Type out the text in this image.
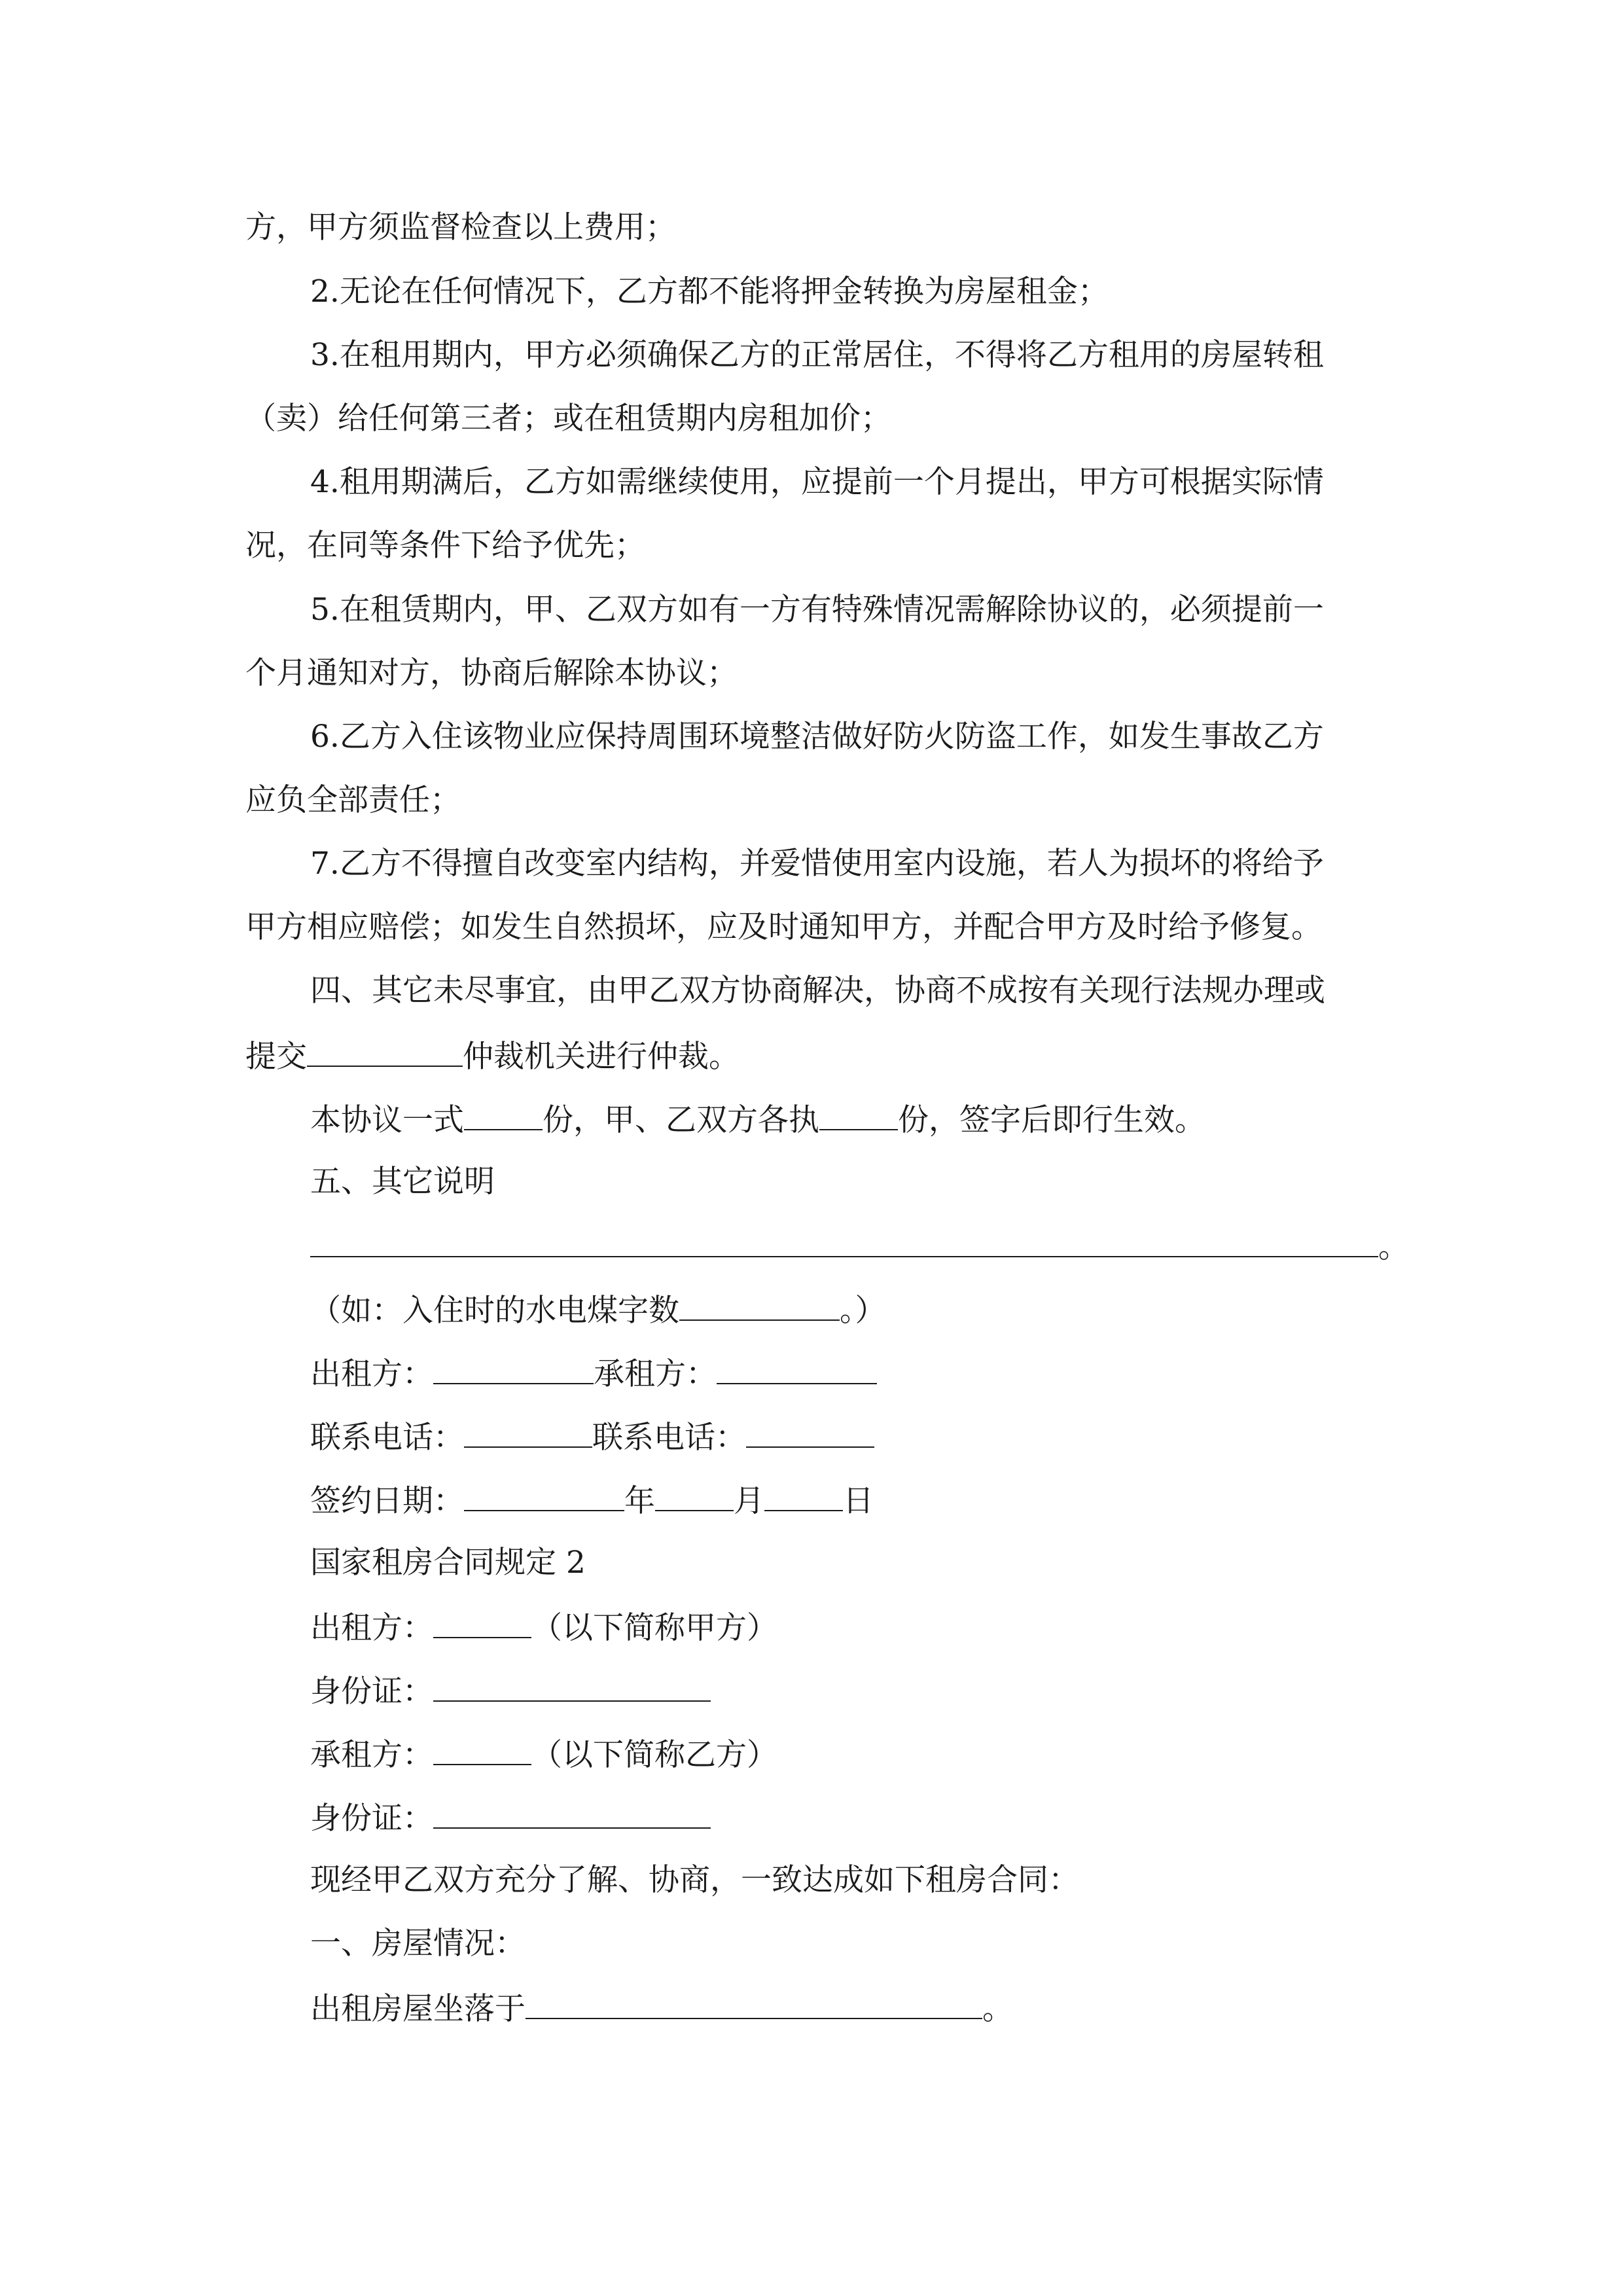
方，甲方须监督检查以上费用；
2.无论在任何情况下，乙方都不能将押金转换为房屋租金；
3.在租用期内，甲方必须确保乙方的正常居住，不得将乙方租用的房屋转租
（卖）给任何第三者；或在租赁期内房租加价；
4.租用期满后，乙方如需继续使用，应提前一个月提出，甲方可根据实际情
况，在同等条件下给予优先；
5.在租赁期内，甲、乙双方如有一方有特殊情况需解除协议的，必须提前一
个月通知对方，协商后解除本协议；
6.乙方入住该物业应保持周围环境整洁做好防火防盗工作，如发生事故乙方
应负全部责任；
7.乙方不得擅自改变室内结构，并爱惜使用室内设施，若人为损坏的将给予
甲方相应赔偿；如发生自然损坏，应及时通知甲方，并配合甲方及时给予修复。
四、其它未尽事宜，由甲乙双方协商解决，协商不成按有关现行法规办理或
提交	仲裁机关进行仲裁。
本协议一式	份，甲、乙双方各执	份，签字后即行生效。
五、其它说明
。
（如：入住时的水电煤字数	。）
出租方：	承租方：
联系电话：	联系电话：
签约日期：	年	月	日
国家租房合同规定 2
出租方：	（以下简称甲方）
身份证：
承租方：	（以下简称乙方）
身份证：
现经甲乙双方充分了解、协商，一致达成如下租房合同：
一、房屋情况：
出租房屋坐落于	。
